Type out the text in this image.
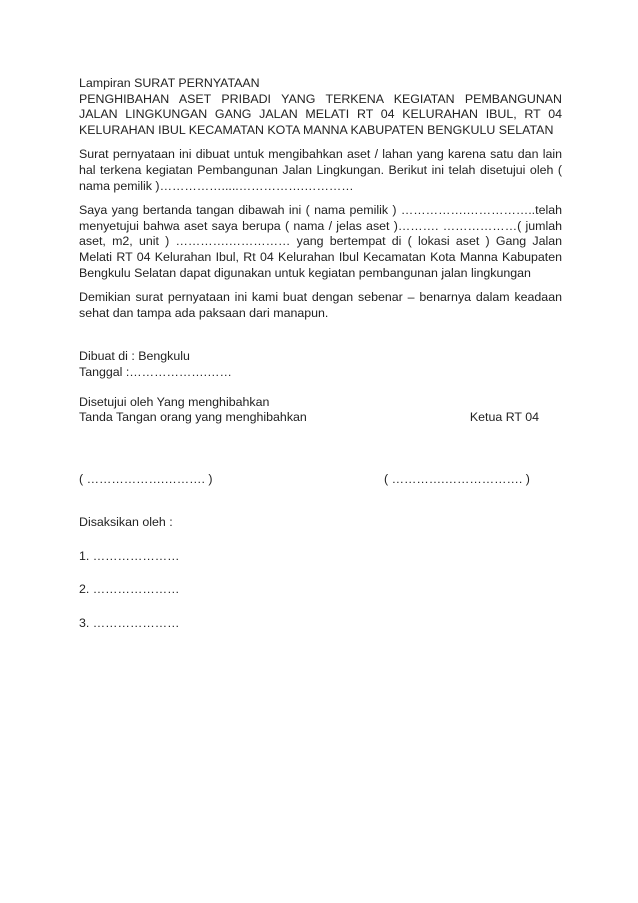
Lampiran SURAT PERNYATAAN
PENGHIBAHAN ASET PRIBADI YANG TERKENA KEGIATAN PEMBANGUNAN JALAN LINGKUNGAN GANG JALAN MELATI RT 04 KELURAHAN IBUL, RT 04 KELURAHAN IBUL KECAMATAN KOTA MANNA KABUPATEN BENGKULU SELATAN

Surat pernyataan ini dibuat untuk mengibahkan aset / lahan yang karena satu dan lain hal terkena kegiatan Pembangunan Jalan Lingkungan. Berikut ini telah disetujui oleh ( nama pemilik )…………….....…………….…………

Saya yang bertanda tangan dibawah ini ( nama pemilik ) …………….……………..telah menyetujui bahwa aset saya berupa ( nama / jelas aset )………. ………………( jumlah aset, m2, unit ) ………….…………… yang bertempat di ( lokasi aset ) Gang Jalan Melati RT 04 Kelurahan Ibul, Rt 04 Kelurahan Ibul Kecamatan Kota Manna Kabupaten Bengkulu Selatan dapat digunakan untuk kegiatan pembangunan jalan lingkungan

Demikian surat pernyataan ini kami buat dengan sebenar – benarnya dalam keadaan sehat dan tampa ada paksaan dari manapun.

Dibuat di : Bengkulu

Tanggal :……………….……

Disetujui oleh Yang menghibahkan

Tanda Tangan orang yang menghibahkan	Ketua RT 04
( ……………….………. )	( ………….………………. )

Disaksikan oleh :

1. …………………

2. …………………

3. …………………
